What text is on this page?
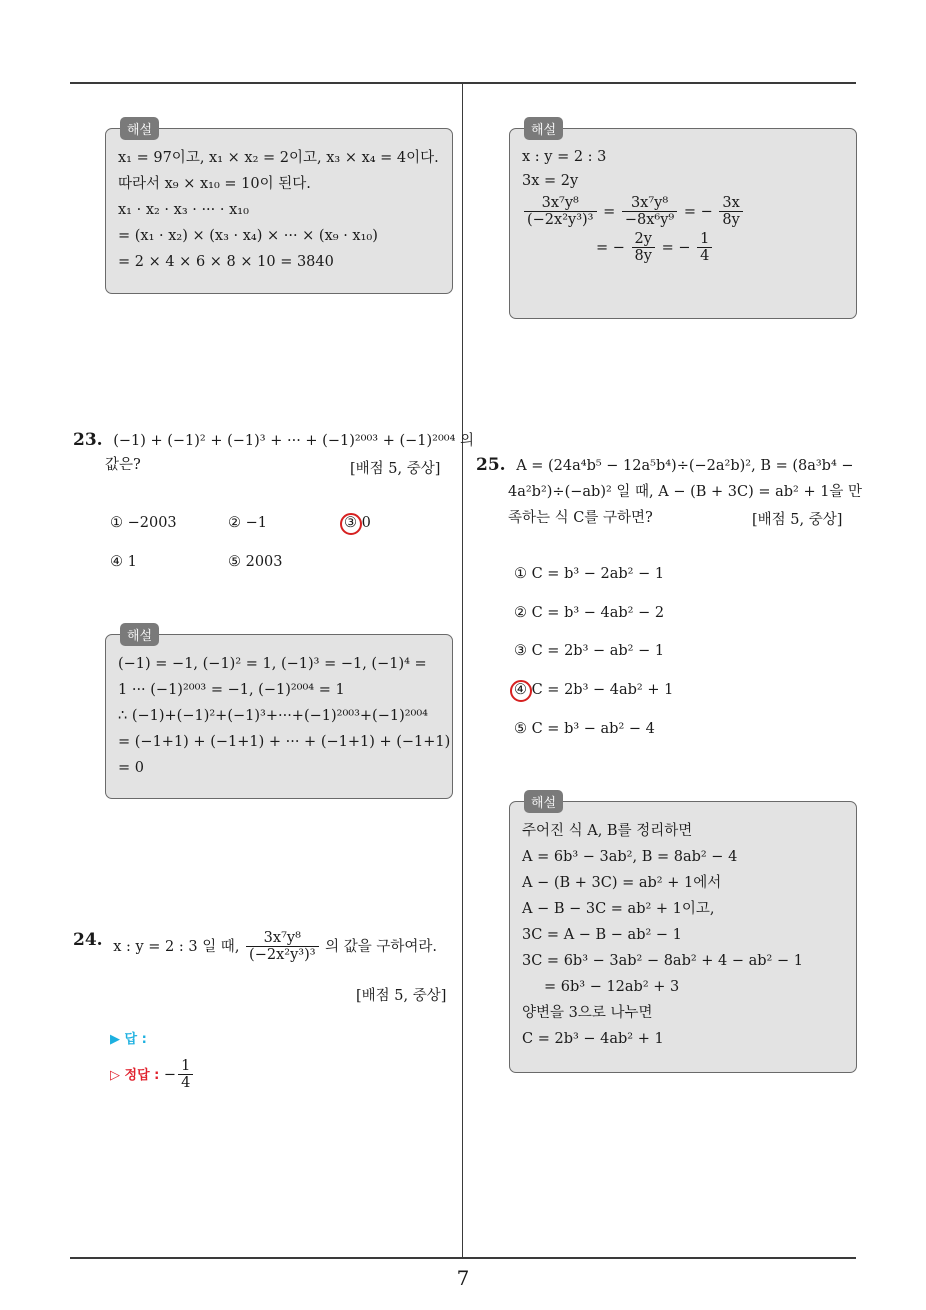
7
해설
x₁ = 97이고, x₁ × x₂ = 2이고, x₃ × x₄ = 4이다.
따라서 x₉ × x₁₀ = 10이 된다.
x₁ · x₂ · x₃ · ··· · x₁₀
= (x₁ · x₂) × (x₃ · x₄) × ··· × (x₉ · x₁₀)
= 2 × 4 × 6 × 8 × 10 = 3840
23. (−1) + (−1)² + (−1)³ + ··· + (−1)²⁰⁰³ + (−1)²⁰⁰⁴ 의
값은?	[배점 5, 중상]
① −2003	② −1	③ 0
④ 1	⑤ 2003
해설
(−1) = −1, (−1)² = 1, (−1)³ = −1, (−1)⁴ =
1 ··· (−1)²⁰⁰³ = −1, (−1)²⁰⁰⁴ = 1
∴ (−1)+(−1)²+(−1)³+···+(−1)²⁰⁰³+(−1)²⁰⁰⁴
= (−1+1) + (−1+1) + ··· + (−1+1) + (−1+1)
= 0
24. x : y = 2 : 3 일 때, $\frac{\text{3x⁷y⁸}}{\text{(−2x²y³)³}}$ 의 값을 구하여라.
[배점 5, 중상]
▶ 답 :
▷ 정답 : − $\frac{1}{4}$
해설
x : y = 2 : 3
3x = 2y
$\frac{\text{3x⁷y⁸}}{\text{(−2x²y³)³}} = \frac{\text{3x⁷y⁸}}{\text{−8x⁶y⁹}}$ = − $\frac{3x}{8y}$
= − $\frac{2y}{8y}$ = − $\frac{1}{4}$
25. A = (24a⁴b⁵ − 12a⁵b⁴)÷(−2a²b)², B = (8a³b⁴ −
4a²b²)÷(−ab)² 일 때, A − (B + 3C) = ab² + 1을 만
족하는 식 C를 구하면?	[배점 5, 중상]
① C = b³ − 2ab² − 1
② C = b³ − 4ab² − 2
③ C = 2b³ − ab² − 1
④ C = 2b³ − 4ab² + 1
⑤ C = b³ − ab² − 4
해설
주어진 식 A, B를 정리하면
A = 6b³ − 3ab², B = 8ab² − 4
A − (B + 3C) = ab² + 1에서
A − B − 3C = ab² + 1이고,
3C = A − B − ab² − 1
3C = 6b³ − 3ab² − 8ab² + 4 − ab² − 1
= 6b³ − 12ab² + 3
양변을 3으로 나누면
C = 2b³ − 4ab² + 1
